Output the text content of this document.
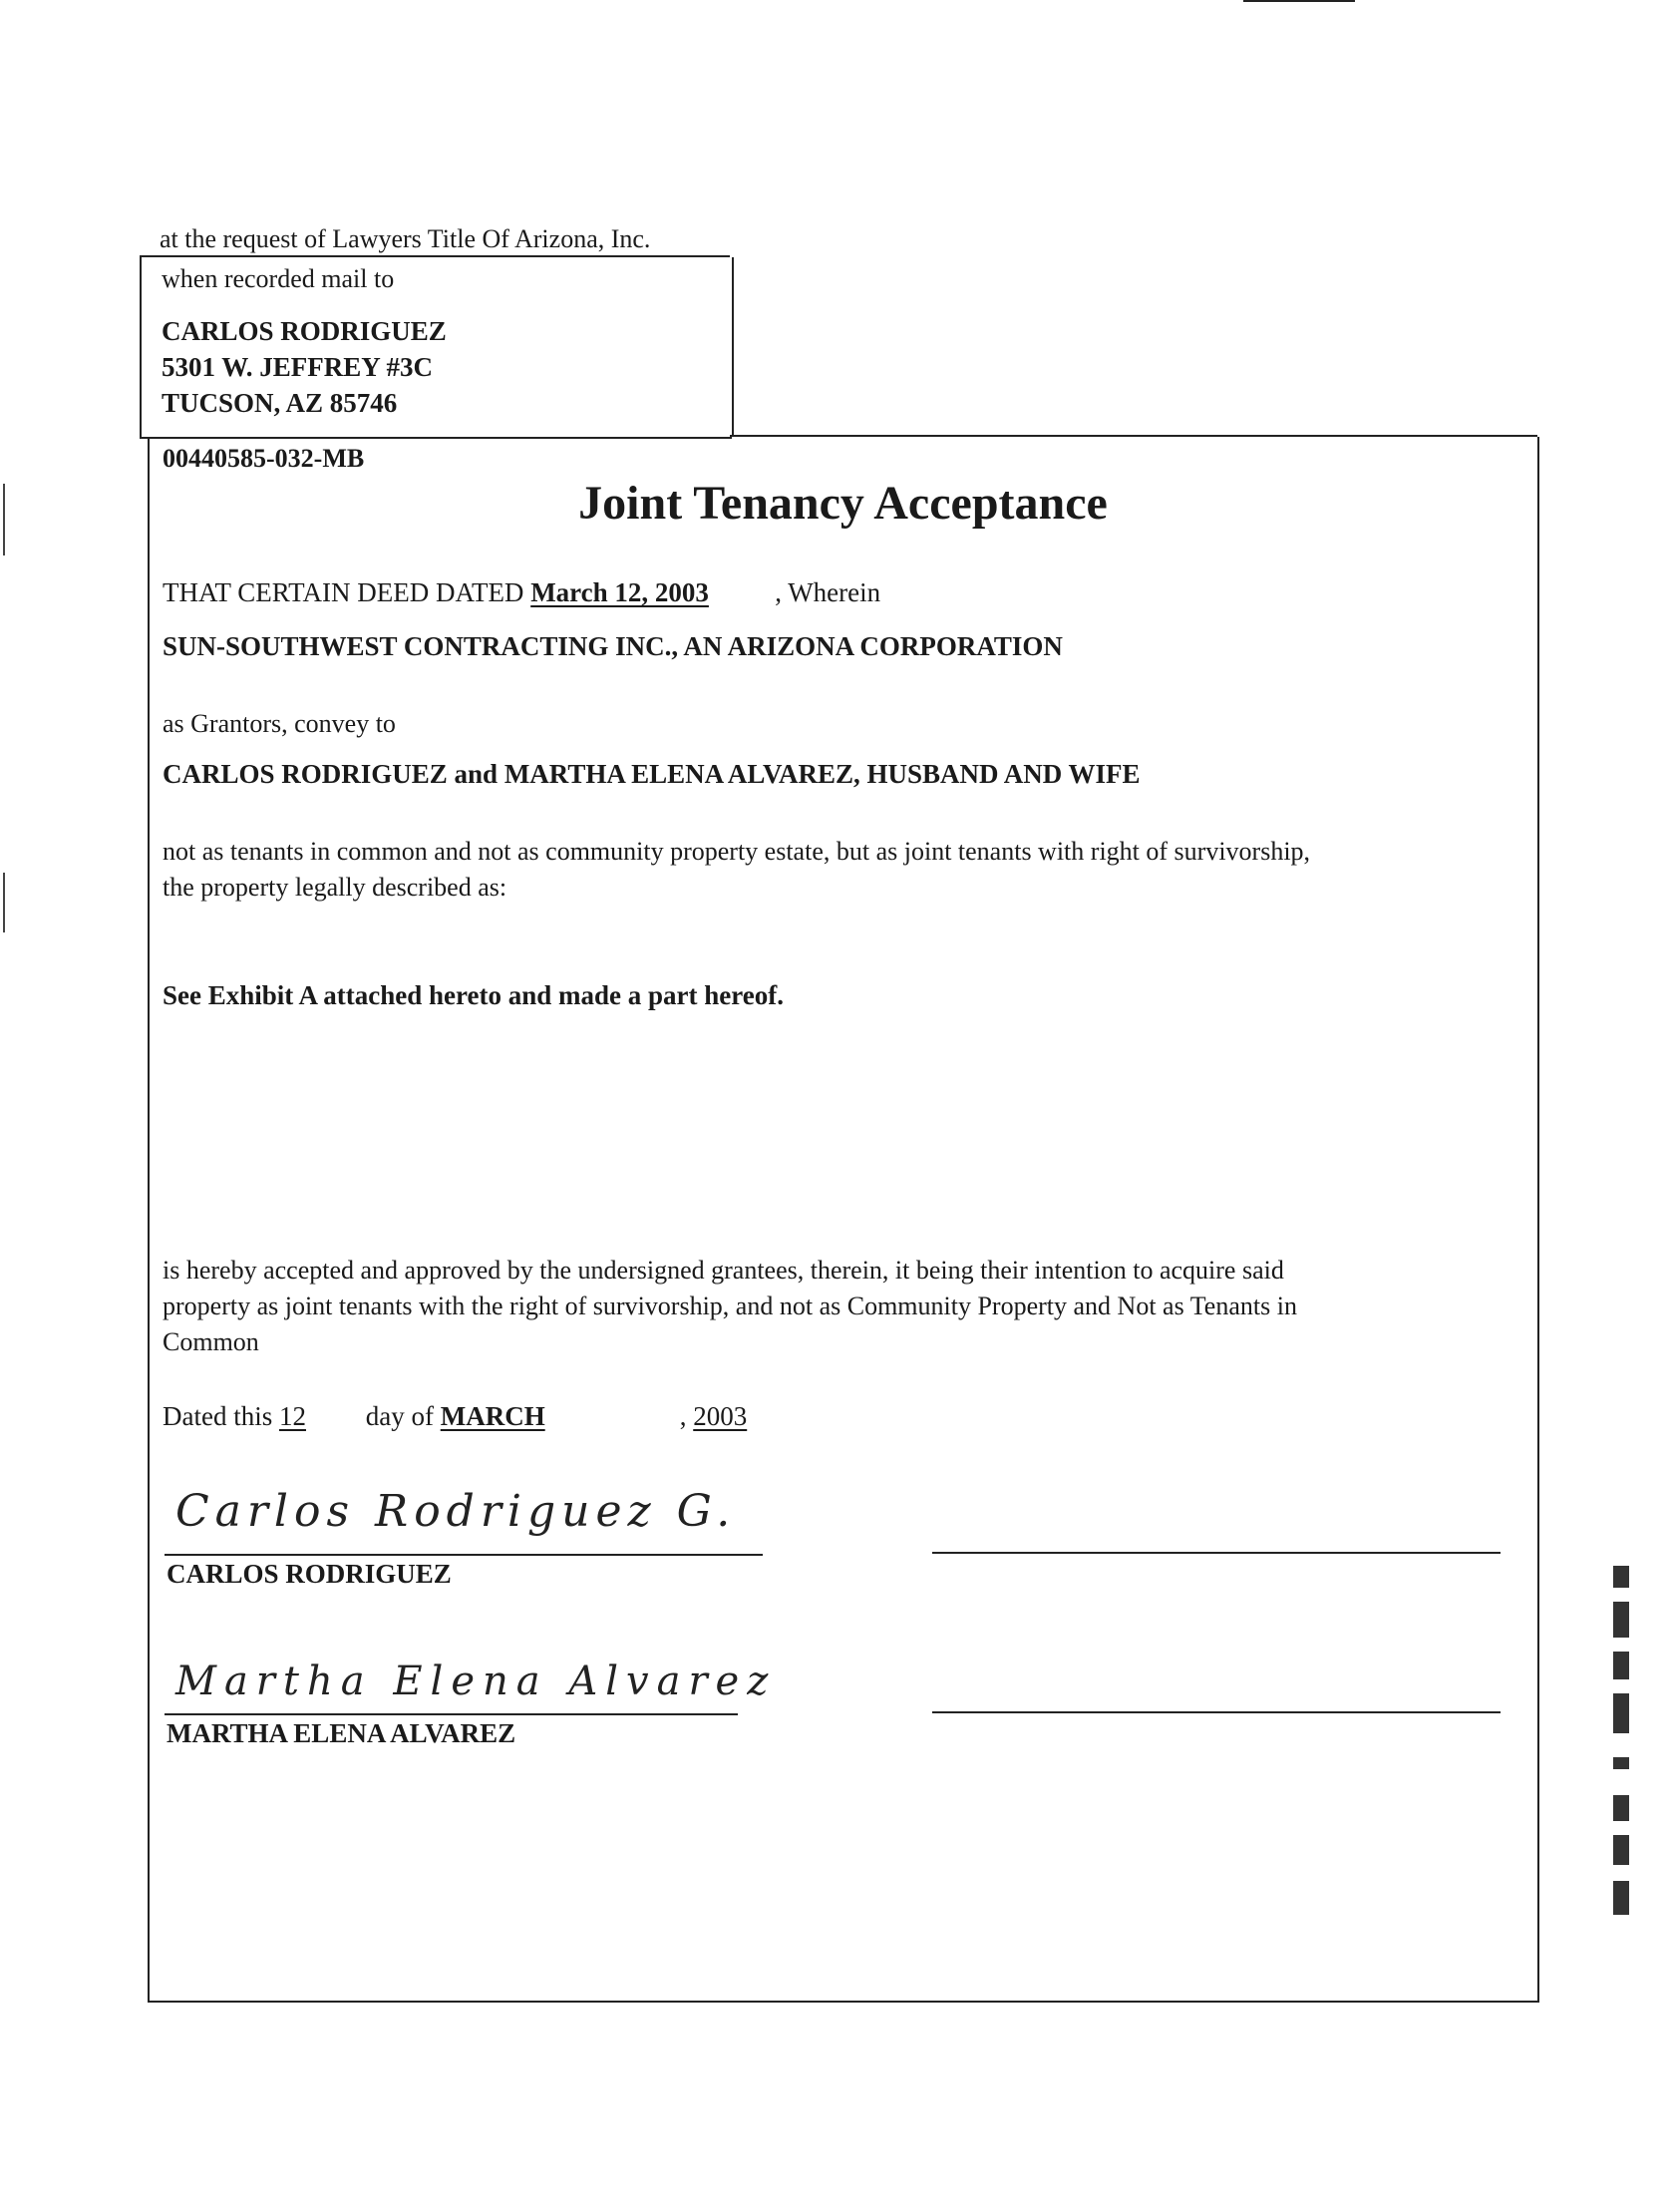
at the request of Lawyers Title Of Arizona, Inc.
when recorded mail to
CARLOS RODRIGUEZ
5301 W. JEFFREY #3C
TUCSON, AZ 85746
00440585-032-MB
Joint Tenancy Acceptance
THAT CERTAIN DEED DATED March 12, 2003 , Wherein
SUN-SOUTHWEST CONTRACTING INC., AN ARIZONA CORPORATION
as Grantors, convey to
CARLOS RODRIGUEZ and MARTHA ELENA ALVAREZ, HUSBAND AND WIFE
not as tenants in common and not as community property estate, but as joint tenants with right of survivorship,
the property legally described as:
See Exhibit A attached hereto and made a part hereof.
is hereby accepted and approved by the undersigned grantees, therein, it being their intention to acquire said
property as joint tenants with the right of survivorship, and not as Community Property and Not as Tenants in
Common
Dated this 12 day of MARCH	, 2003
Carlos Rodriguez G.
CARLOS RODRIGUEZ
Martha Elena Alvarez
MARTHA ELENA ALVAREZ
